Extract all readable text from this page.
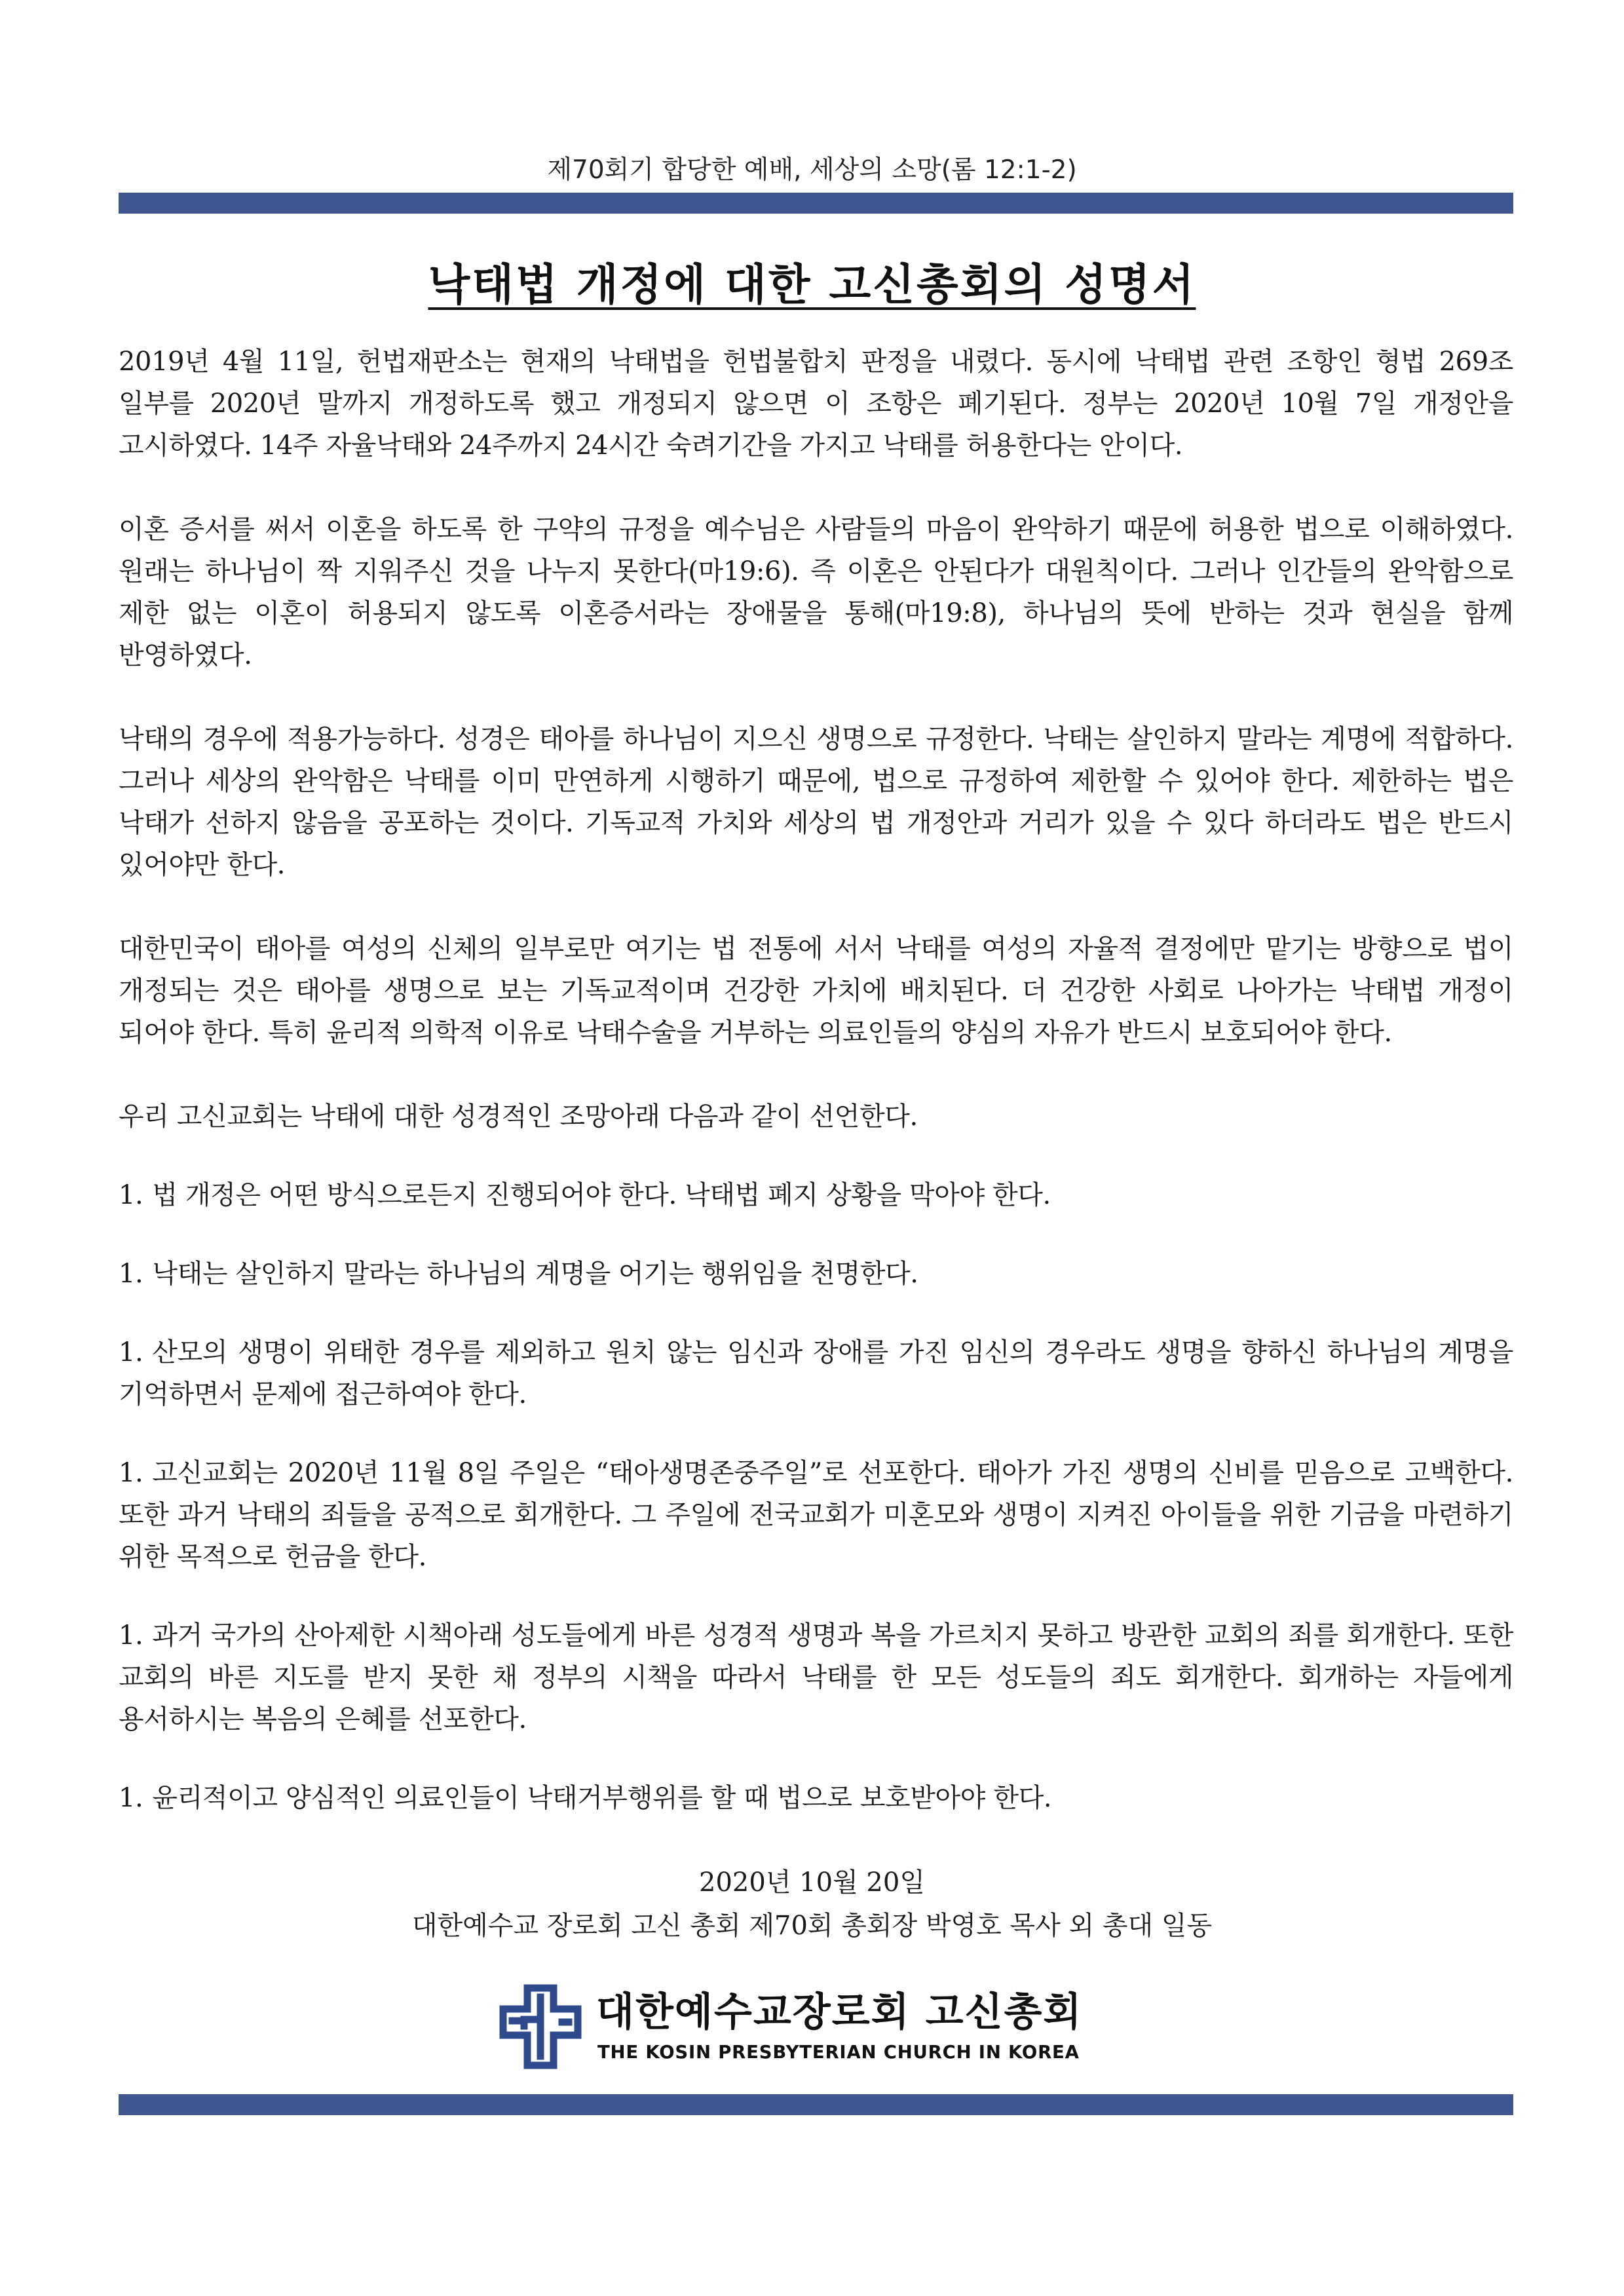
제70회기 합당한 예배, 세상의 소망(롬 12:1-2)
낙태법 개정에 대한 고신총회의 성명서

2019년 4월 11일, 헌법재판소는 현재의 낙태법을 헌법불합치 판정을 내렸다. 동시에 낙태법 관련 조항인 형법 269조 일부를 2020년 말까지 개정하도록 했고 개정되지 않으면 이 조항은 폐기된다. 정부는 2020년 10월 7일 개정안을 고시하였다. 14주 자율낙태와 24주까지 24시간 숙려기간을 가지고 낙태를 허용한다는 안이다.

이혼 증서를 써서 이혼을 하도록 한 구약의 규정을 예수님은 사람들의 마음이 완악하기 때문에 허용한 법으로 이해하였다. 원래는 하나님이 짝 지워주신 것을 나누지 못한다(마19:6). 즉 이혼은 안된다가 대원칙이다. 그러나 인간들의 완악함으로 제한 없는 이혼이 허용되지 않도록 이혼증서라는 장애물을 통해(마19:8), 하나님의 뜻에 반하는 것과 현실을 함께 반영하였다.

낙태의 경우에 적용가능하다. 성경은 태아를 하나님이 지으신 생명으로 규정한다. 낙태는 살인하지 말라는 계명에 적합하다. 그러나 세상의 완악함은 낙태를 이미 만연하게 시행하기 때문에, 법으로 규정하여 제한할 수 있어야 한다. 제한하는 법은 낙태가 선하지 않음을 공포하는 것이다. 기독교적 가치와 세상의 법 개정안과 거리가 있을 수 있다 하더라도 법은 반드시 있어야만 한다.

대한민국이 태아를 여성의 신체의 일부로만 여기는 법 전통에 서서 낙태를 여성의 자율적 결정에만 맡기는 방향으로 법이 개정되는 것은 태아를 생명으로 보는 기독교적이며 건강한 가치에 배치된다. 더 건강한 사회로 나아가는 낙태법 개정이 되어야 한다. 특히 윤리적 의학적 이유로 낙태수술을 거부하는 의료인들의 양심의 자유가 반드시 보호되어야 한다.

우리 고신교회는 낙태에 대한 성경적인 조망아래 다음과 같이 선언한다.

1. 법 개정은 어떤 방식으로든지 진행되어야 한다. 낙태법 폐지 상황을 막아야 한다.

1. 낙태는 살인하지 말라는 하나님의 계명을 어기는 행위임을 천명한다.

1. 산모의 생명이 위태한 경우를 제외하고 원치 않는 임신과 장애를 가진 임신의 경우라도 생명을 향하신 하나님의 계명을 기억하면서 문제에 접근하여야 한다.

1. 고신교회는 2020년 11월 8일 주일은 “태아생명존중주일”로 선포한다. 태아가 가진 생명의 신비를 믿음으로 고백한다. 또한 과거 낙태의 죄들을 공적으로 회개한다. 그 주일에 전국교회가 미혼모와 생명이 지켜진 아이들을 위한 기금을 마련하기 위한 목적으로 헌금을 한다.

1. 과거 국가의 산아제한 시책아래 성도들에게 바른 성경적 생명과 복을 가르치지 못하고 방관한 교회의 죄를 회개한다. 또한 교회의 바른 지도를 받지 못한 채 정부의 시책을 따라서 낙태를 한 모든 성도들의 죄도 회개한다. 회개하는 자들에게 용서하시는 복음의 은혜를 선포한다.

1. 윤리적이고 양심적인 의료인들이 낙태거부행위를 할 때 법으로 보호받아야 한다.

2020년 10월 20일
대한예수교 장로회 고신 총회 제70회 총회장 박영호 목사 외 총대 일동
대한예수교장로회 고신총회
THE KOSIN PRESBYTERIAN CHURCH IN KOREA
